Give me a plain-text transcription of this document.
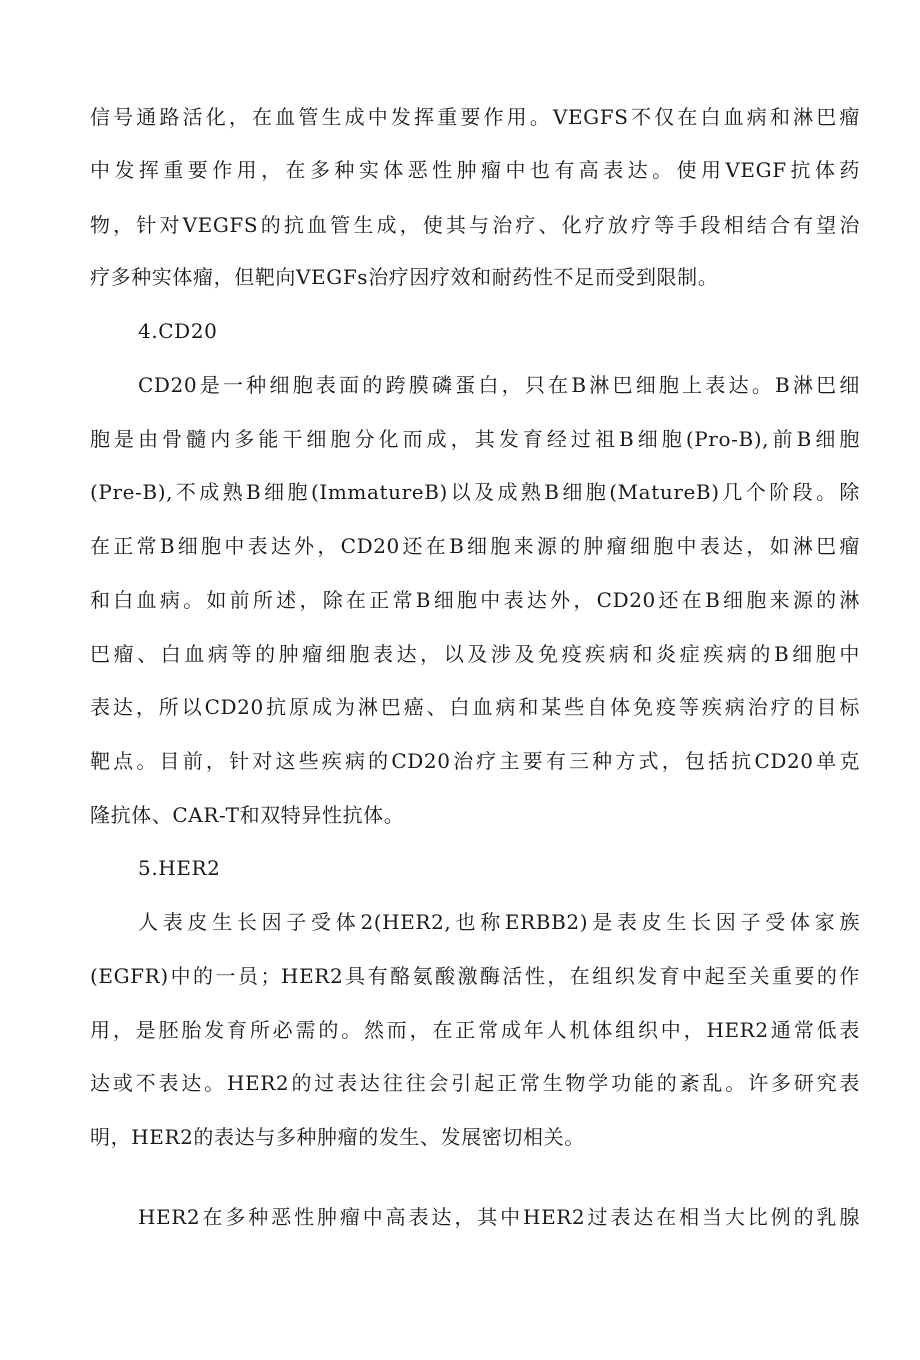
信号通路活化，在血管生成中发挥重要作用。VEGFS不仅在白血病和淋巴瘤
中发挥重要作用，在多种实体恶性肿瘤中也有高表达。使用VEGF抗体药
物，针对VEGFS的抗血管生成，使其与治疗、化疗放疗等手段相结合有望治
疗多种实体瘤，但靶向VEGFs治疗因疗效和耐药性不足而受到限制。
4.CD20
CD20是一种细胞表面的跨膜磷蛋白，只在B淋巴细胞上表达。B淋巴细
胞是由骨髓内多能干细胞分化而成，其发育经过祖B细胞(Pro-B),前B细胞
(Pre-B),不成熟B细胞(ImmatureB)以及成熟B细胞(MatureB)几个阶段。除
在正常B细胞中表达外，CD20还在B细胞来源的肿瘤细胞中表达，如淋巴瘤
和白血病。如前所述，除在正常B细胞中表达外，CD20还在B细胞来源的淋
巴瘤、白血病等的肿瘤细胞表达，以及涉及免疫疾病和炎症疾病的B细胞中
表达，所以CD20抗原成为淋巴癌、白血病和某些自体免疫等疾病治疗的目标
靶点。目前，针对这些疾病的CD20治疗主要有三种方式，包括抗CD20单克
隆抗体、CAR-T和双特异性抗体。
5.HER2
人表皮生长因子受体2(HER2,也称ERBB2)是表皮生长因子受体家族
(EGFR)中的一员；HER2具有酪氨酸激酶活性，在组织发育中起至关重要的作
用，是胚胎发育所必需的。然而，在正常成年人机体组织中，HER2通常低表
达或不表达。HER2的过表达往往会引起正常生物学功能的紊乱。许多研究表
明，HER2的表达与多种肿瘤的发生、发展密切相关。
HER2在多种恶性肿瘤中高表达，其中HER2过表达在相当大比例的乳腺
